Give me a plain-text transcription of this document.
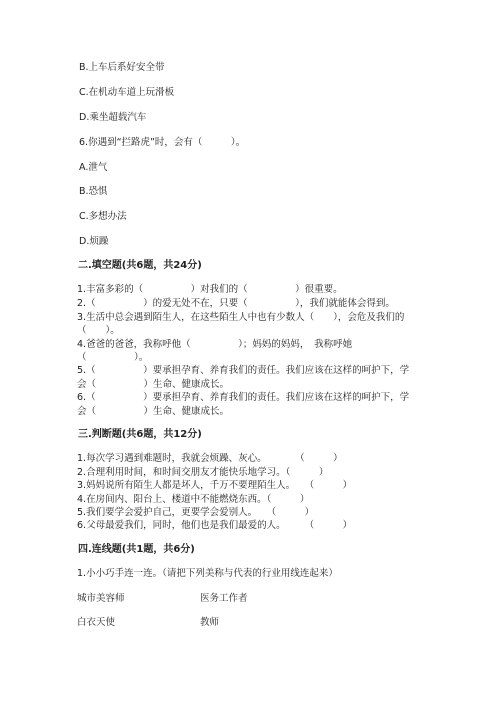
B.上车后系好安全带
C.在机动车道上玩滑板
D.乘坐超载汽车
6.你遇到“拦路虎”时，会有（　　　）。
A.泄气
B.恐惧
C.多想办法
D.烦躁
二.填空题(共6题，共24分)
1.丰富多彩的（　　　　　）对我们的（　　　　　）很重要。
2.（　　　　　）的爱无处不在，只要（　　　　　），我们就能体会得到。
3.生活中总会遇到陌生人，在这些陌生人中也有少数人（　　），会危及我们的
（　　）。
4.爸爸的爸爸，我称呼他（　　　　　）；妈妈的妈妈，　我称呼她
（　　　　　）。
5.（　　　　　）要承担孕育、养育我们的责任。我们应该在这样的呵护下，学
会（　　　　　）生命、健康成长。
6.（　　　　　）要承担孕育、养育我们的责任。我们应该在这样的呵护下，学
会（　　　　　）生命、健康成长。
三.判断题(共6题，共12分)
1.每次学习遇到难题时，我就会烦躁、灰心。　　　　（　　　）
2.合理利用时间，和时间交朋友才能快乐地学习。（　　　）
3.妈妈说所有陌生人都是坏人，千万不要理陌生人。　　（　　　）
4.在房间内、阳台上、楼道中不能燃烧东西。（　　　）
5.我们要学会爱护自己，更要学会爱别人。　　（　　　）
6.父母最爱我们，同时，他们也是我们最爱的人。　　　（　　　）
四.连线题(共1题，共6分)
1.小小巧手连一连。（请把下列美称与代表的行业用线连起来）
城市美容师	医务工作者
白衣天使	教师
